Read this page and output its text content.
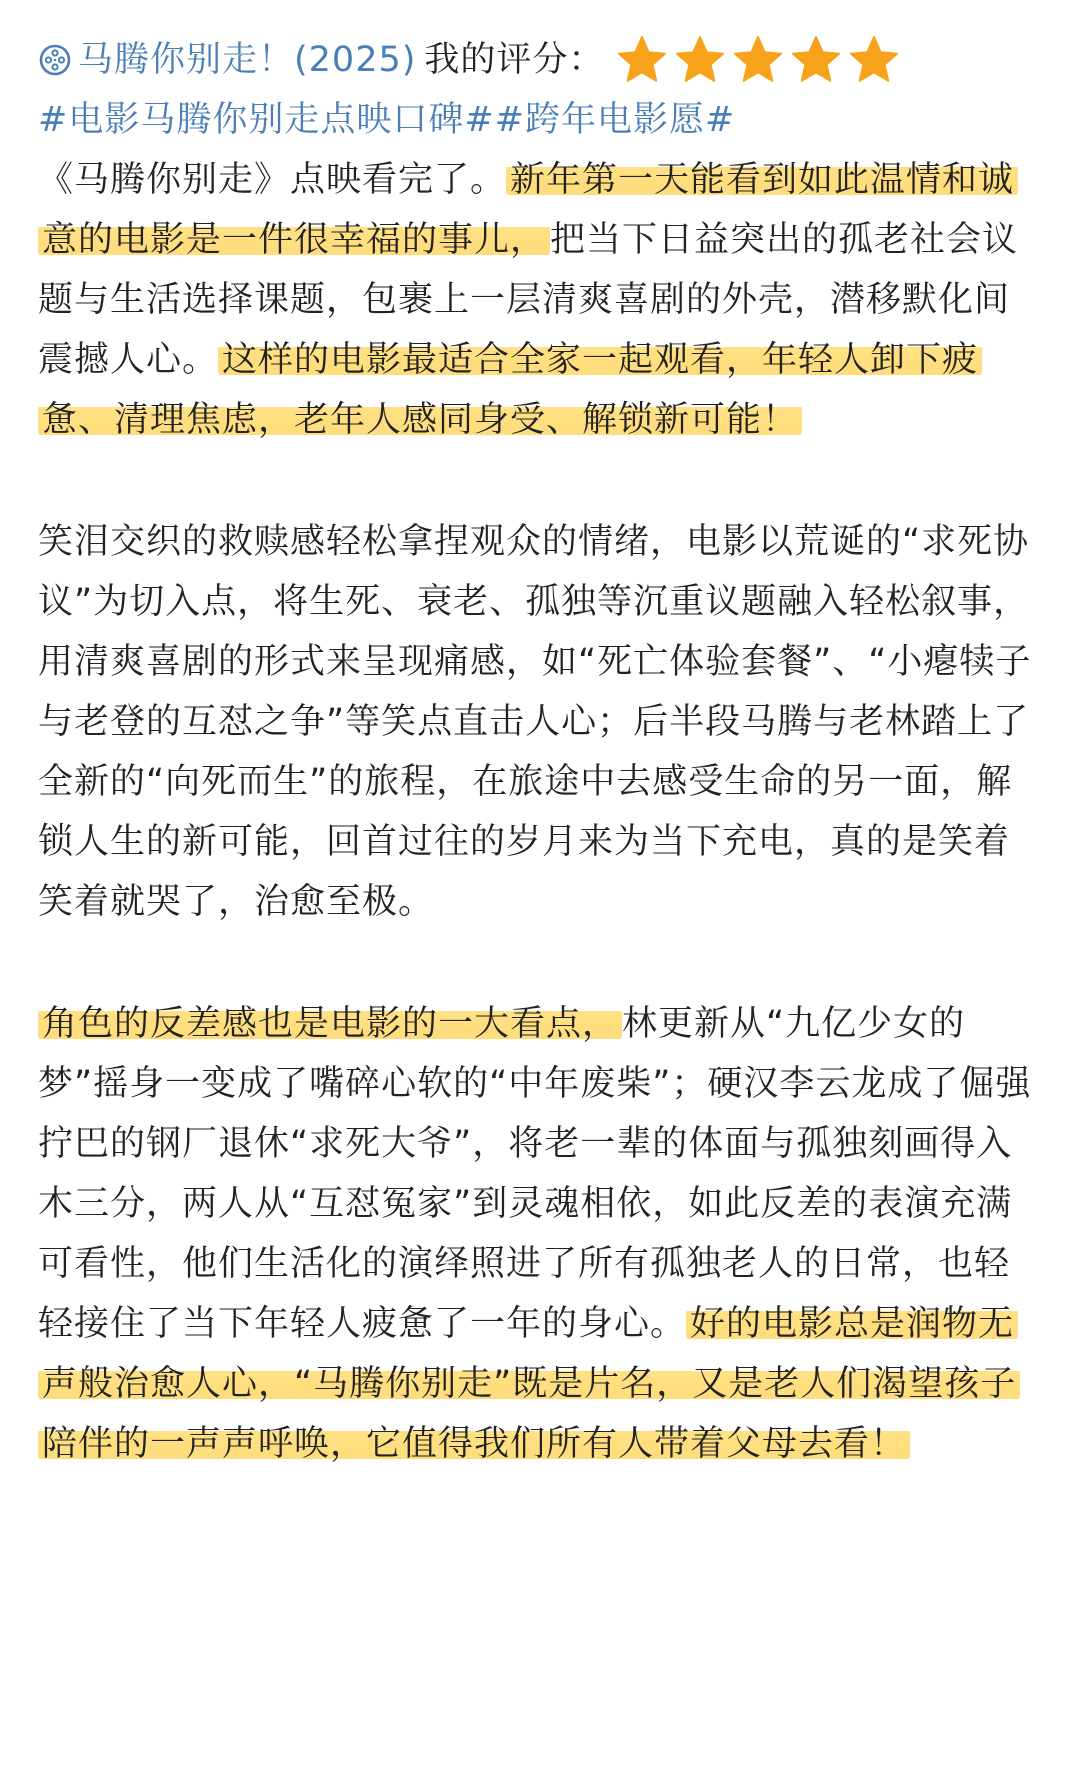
马腾你别走！(2025) 我的评分：
#电影马腾你别走点映口碑##跨年电影愿#

《马腾你别走》点映看完了。 新年第一天能看到如此温情和诚意的电影是一件很幸福的事儿， 把当下日益突出的孤老社会议题与生活选择课题，包裹上一层清爽喜剧的外壳，潜移默化间震撼人心。 这样的电影最适合全家一起观看，年轻人卸下疲惫、清理焦虑，老年人感同身受、解锁新可能！

笑泪交织的救赎感轻松拿捏观众的情绪，电影以荒诞的“求死协议”为切入点，将生死、衰老、孤独等沉重议题融入轻松叙事，用清爽喜剧的形式来呈现痛感，如“死亡体验套餐”、“小瘪犊子与老登的互怼之争”等笑点直击人心；后半段马腾与老林踏上了全新的“向死而生”的旅程，在旅途中去感受生命的另一面，解锁人生的新可能，回首过往的岁月来为当下充电，真的是笑着笑着就哭了，治愈至极。

角色的反差感也是电影的一大看点， 林更新从“九亿少女的梦”摇身一变成了嘴碎心软的“中年废柴”；硬汉李云龙成了倔强拧巴的钢厂退休“求死大爷”，将老一辈的体面与孤独刻画得入木三分，两人从“互怼冤家”到灵魂相依，如此反差的表演充满可看性，他们生活化的演绎照进了所有孤独老人的日常，也轻轻接住了当下年轻人疲惫了一年的身心。 好的电影总是润物无声般治愈人心，“马腾你别走”既是片名，又是老人们渴望孩子陪伴的一声声呼唤，它值得我们所有人带着父母去看！
